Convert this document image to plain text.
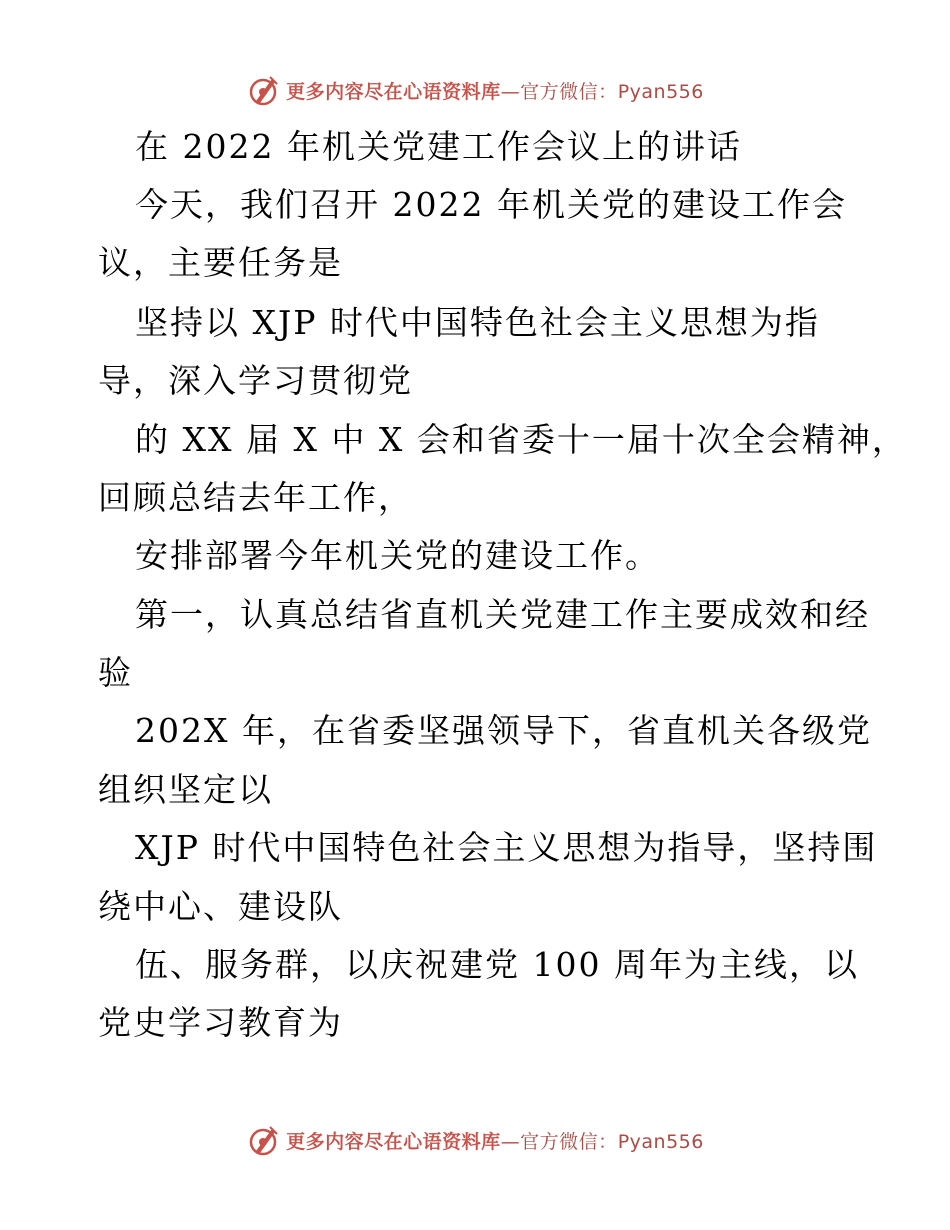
更多内容尽在心语资料库—官方微信：Pyan556
在 2022 年机关党建工作会议上的讲话
今天，我们召开 2022 年机关党的建设工作会
议，主要任务是
坚持以 XJP 时代中国特色社会主义思想为指
导，深入学习贯彻党
的 XX 届 X 中 X 会和省委十一届十次全会精神，
回顾总结去年工作，
安排部署今年机关党的建设工作。
第一，认真总结省直机关党建工作主要成效和经
验
202X 年，在省委坚强领导下，省直机关各级党
组织坚定以
XJP 时代中国特色社会主义思想为指导，坚持围
绕中心、建设队
伍、服务群，以庆祝建党 100 周年为主线，以
党史学习教育为
更多内容尽在心语资料库—官方微信：Pyan556
